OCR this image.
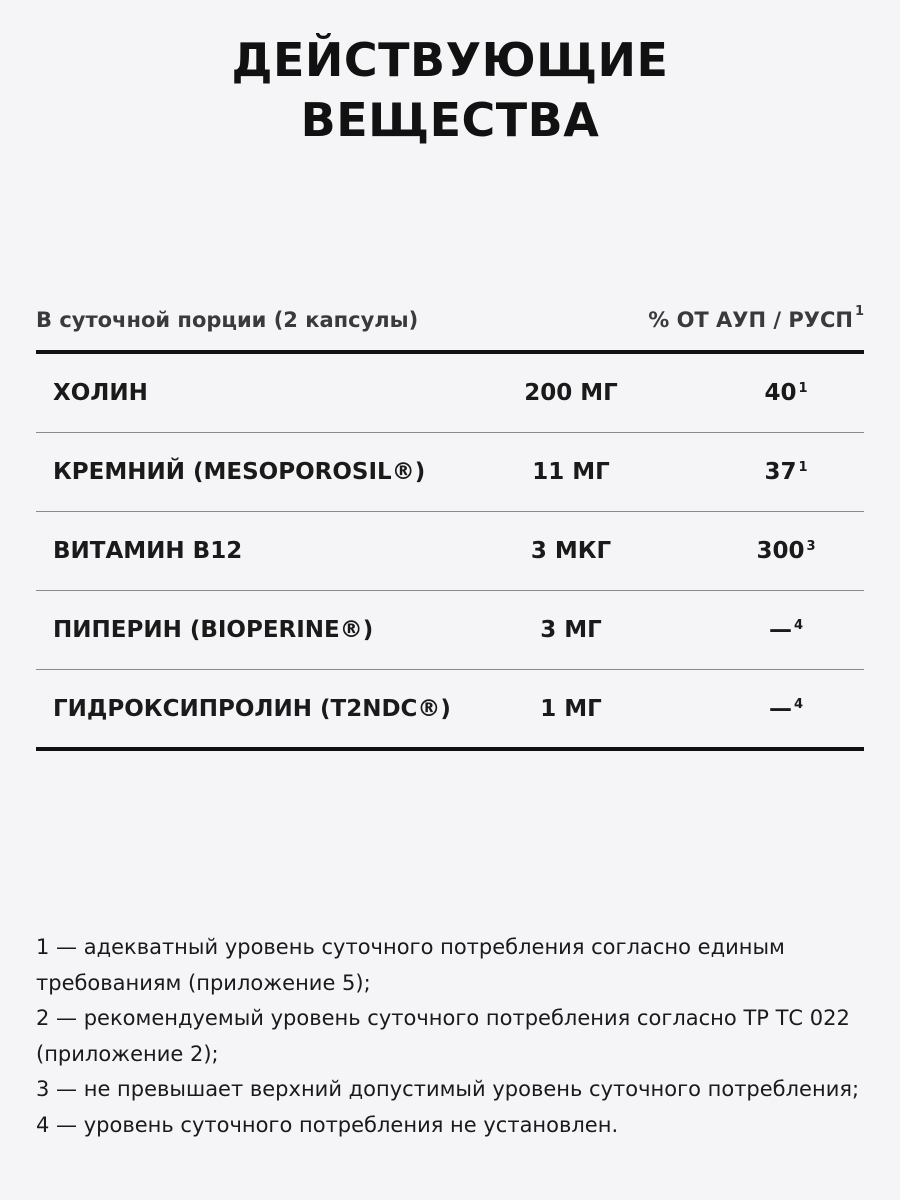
ДЕЙСТВУЮЩИЕ
ВЕЩЕСТВА
В суточной порции (2 капсулы)	% ОТ АУП / РУСП $^1$
ХОЛИН	200 МГ	40 $^1$
КРЕМНИЙ (MESOPOROSIL®)	11 МГ	37 $^1$
ВИТАМИН В12	3 МКГ	300 $^3$
ПИПЕРИН (BIOPERINE®)	3 МГ	— $^4$
ГИДРОКСИПРОЛИН (T2NDC®)	1 МГ	— $^4$

1 — адекватный уровень суточного потребления согласно единым требованиям (приложение 5);

2 — рекомендуемый уровень суточного потребления согласно ТР ТС 022 (приложение 2);

3 — не превышает верхний допустимый уровень суточного потребления;

4 — уровень суточного потребления не установлен.
